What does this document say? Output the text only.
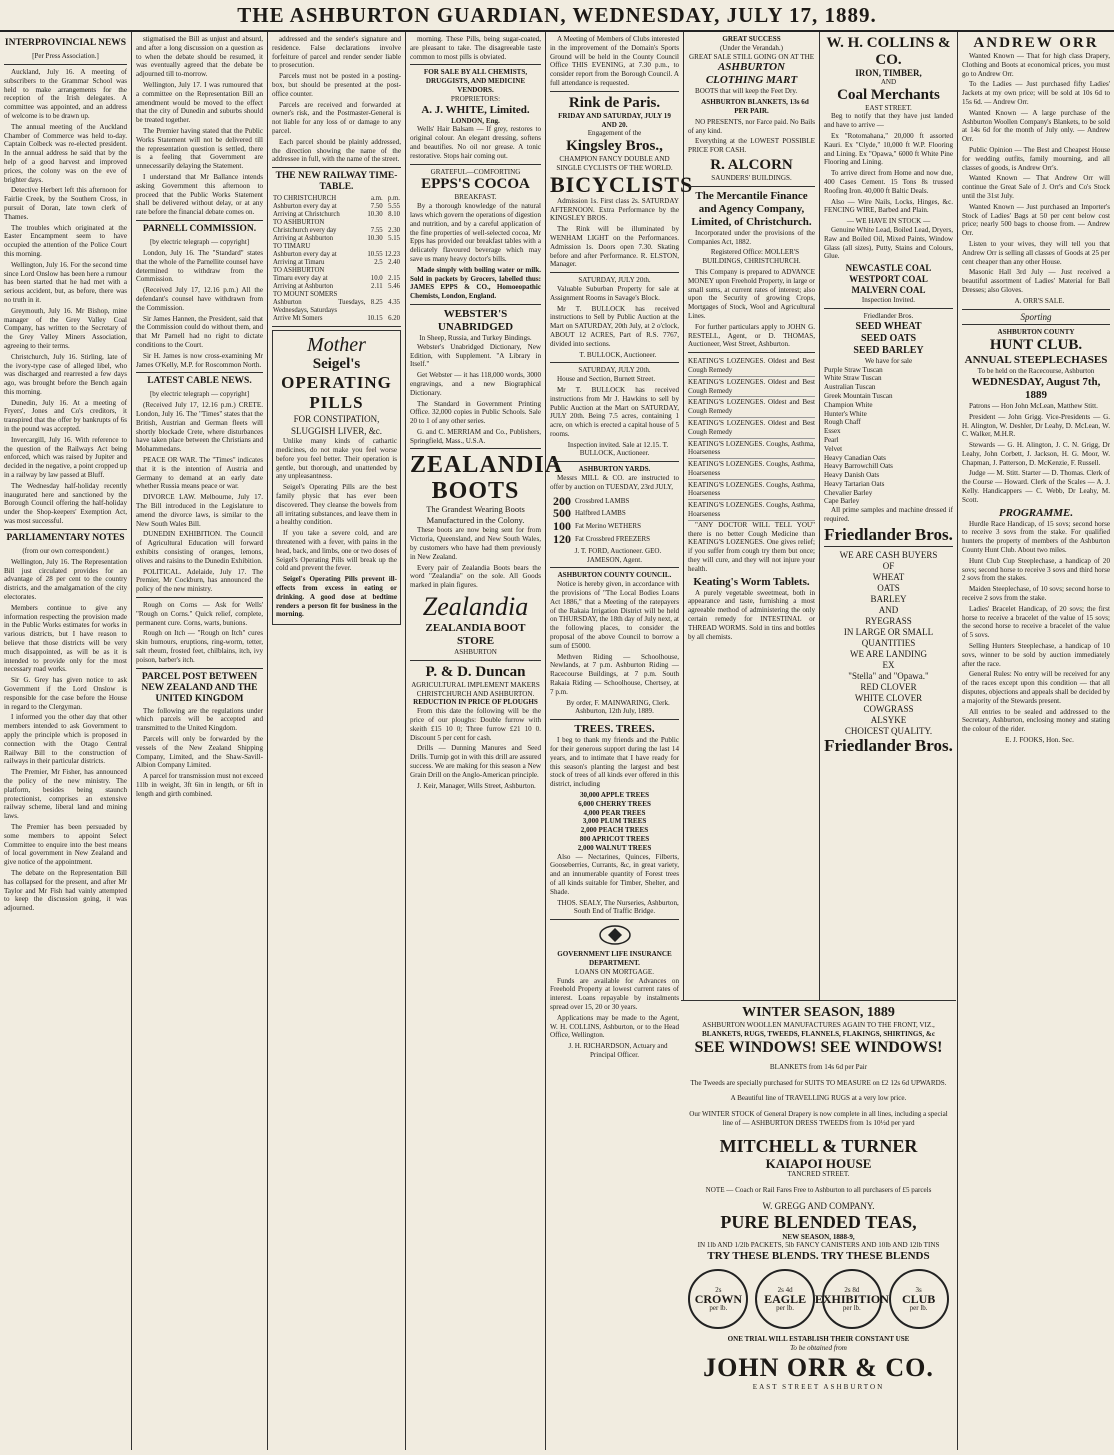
THE ASHBURTON GUARDIAN, WEDNESDAY, JULY 17, 1889.
INTERPROVINCIAL NEWS
[Per Press Association.]

Auckland, July 16. A meeting of subscribers to the Grammar School was held to make arrangements for the reception of the Irish delegates. A committee was appointed, and an address of welcome is to be drawn up.

The annual meeting of the Auckland Chamber of Commerce was held to-day. Captain Colbeck was re-elected president. In the annual address he said that by the help of a good harvest and improved prices, the colony was on the eve of brighter days.

Detective Herbert left this afternoon for Fairlie Creek, by the Southern Cross, in pursuit of Doran, late town clerk of Thames.

The troubles which originated at the Easter Encampment seem to have occupied the attention of the Police Court this morning.

Wellington, July 16. For the second time since Lord Onslow has been here a rumour has been started that he had met with a serious accident, but, as before, there was no truth in it.

Greymouth, July 16. Mr Bishop, mine manager of the Grey Valley Coal Company, has written to the Secretary of the Grey Valley Miners Association, agreeing to their terms.

Christchurch, July 16. Stirling, late of the ivory-type case of alleged libel, who was discharged and rearrested a few days ago, was brought before the Bench again this morning.

Dunedin, July 16. At a meeting of Fryers', Jones and Co's creditors, it transpired that the offer by bankrupts of 6s in the pound was accepted.

Invercargill, July 16. With reference to the question of the Railways Act being enforced, which was raised by Jupiter and decided in the negative, a point cropped up in a railway by law passed at Bluff.

The Wednesday half-holiday recently inaugurated here and sanctioned by the Borough Council offering the half-holiday under the Shop-keepers' Exemption Act, was most successful.

PARLIAMENTARY NOTES
(from our own correspondent.)

Wellington, July 16. The Representation Bill just circulated provides for an advantage of 28 per cent to the country districts, and the amalgamation of the city electorates.

Members continue to give any information respecting the provision made in the Public Works estimates for works in various districts, but I have reason to believe that those districts will be very much disappointed, as will be as it is intended to provide only for the most necessary road works.

Sir G. Grey has given notice to ask Government if the Lord Onslow is responsible for the case before the House in regard to the Clergyman.

I informed you the other day that other members intended to ask Government to apply the principle which is proposed in connection with the Otago Central Railway Bill to the construction of railways in their particular districts.

The Premier, Mr Fisher, has announced the policy of the new ministry. The platform, besides being staunch protectionist, comprises an extensive railway scheme, liberal land and mining laws.

The Premier has been persuaded by some members to appoint Select Committee to enquire into the best means of local government in New Zealand and give notice of the appointment.

The debate on the Representation Bill has collapsed for the present, and after Mr Taylor and Mr Fish had vainly attempted to keep the discussion going, it was adjourned.

stigmatised the Bill as unjust and absurd, and after a long discussion on a question as to when the debate should be resumed, it was eventually agreed that the debate be adjourned till to-morrow.

Wellington, July 17. I was rumoured that a committee on the Representation Bill an amendment would be moved to the effect that the city of Dunedin and suburbs should be treated together.

The Premier having stated that the Public Works Statement will not be delivered till the representation question is settled, there is a feeling that Government are unnecessarily delaying the Statement.

I understand that Mr Ballance intends asking Government this afternoon to proceed that the Public Works Statement shall be delivered without delay, or at any rate before the financial debate comes on.

PARNELL COMMISSION.
[by electric telegraph — copyright]

London, July 16. The "Standard" states that the whole of the Parnellite counsel have determined to withdraw from the Commission.

(Received July 17, 12.16 p.m.) All the defendant's counsel have withdrawn from the Commission.

Sir James Hannen, the President, said that the Commission could do without them, and that Mr Parnell had no right to dictate conditions to the Court.

Sir H. James is now cross-examining Mr James O'Kelly, M.P. for Roscommon North.

LATEST CABLE NEWS.
[by electric telegraph — copyright]

(Received July 17, 12.16 p.m.) CRETE. London, July 16. The "Times" states that the British, Austrian and German fleets will shortly blockade Crete, where disturbances have taken place between the Christians and Mohammedans.

PEACE OR WAR. The "Times" indicates that it is the intention of Austria and Germany to demand at an early date whether Russia means peace or war.

DIVORCE LAW. Melbourne, July 17. The Bill introduced in the Legislature to amend the divorce laws, is similar to the New South Wales Bill.

DUNEDIN EXHIBITION. The Council of Agricultural Education will forward exhibits consisting of oranges, lemons, olives and raisins to the Dunedin Exhibition.

POLITICAL. Adelaide, July 17. The Premier, Mr Cockburn, has announced the policy of the new ministry.

Rough on Corns — Ask for Wells' "Rough on Corns." Quick relief, complete, permanent cure. Corns, warts, bunions.

Rough on Itch — "Rough on Itch" cures skin humours, eruptions, ring-worm, tetter, salt rheum, frosted feet, chilblains, itch, ivy poison, barber's itch.

PARCEL POST BETWEEN NEW ZEALAND AND THE UNITED KINGDOM

The following are the regulations under which parcels will be accepted and transmitted to the United Kingdom.

Parcels will only be forwarded by the vessels of the New Zealand Shipping Company, Limited, and the Shaw-Savill-Albion Company Limited.

A parcel for transmission must not exceed 11lb in weight, 3ft 6in in length, or 6ft in length and girth combined.

addressed and the sender's signature and residence. False declarations involve forfeiture of parcel and render sender liable to prosecution.

Parcels must not be posted in a posting-box, but should be presented at the post-office counter.

Parcels are received and forwarded at owner's risk, and the Postmaster-General is not liable for any loss of or damage to any parcel.

Each parcel should be plainly addressed, the direction showing the name of the addressee in full, with the name of the street.

THE NEW RAILWAY TIME-TABLE.
TO CHRISTCHURCH	a.m.	p.m.
Ashburton every day at	7.50	5.55
Arriving at Christchurch	10.30	8.10
TO ASHBURTON		
Christchurch every day	7.55	2.30
Arriving at Ashburton	10.30	5.15
TO TIMARU		
Ashburton every day at	10.55	12.23
Arriving at Timaru	2.5	2.40
TO ASHBURTON		
Timaru every day at	10.0	2.15
Arriving at Ashburton	2.11	5.46
TO MOUNT SOMERS		
Ashburton Tuesdays, Wednesdays, Saturdays	8.25	4.35
Arrive Mt Somers	10.15	6.20
Mother
Seigel's
OPERATING PILLS
FOR CONSTIPATION, SLUGGISH LIVER, &c.

Unlike many kinds of cathartic medicines, do not make you feel worse before you feel better. Their operation is gentle, but thorough, and unattended by any unpleasantness.

Seigel's Operating Pills are the best family physic that has ever been discovered. They cleanse the bowels from all irritating substances, and leave them in a healthy condition.

If you take a severe cold, and are threatened with a fever, with pains in the head, back, and limbs, one or two doses of Seigel's Operating Pills will break up the cold and prevent the fever.

Seigel's Operating Pills prevent ill-effects from excess in eating or drinking. A good dose at bedtime renders a person fit for business in the morning.

morning. These Pills, being sugar-coated, are pleasant to take. The disagreeable taste common to most pills is obviated.

FOR SALE BY ALL CHEMISTS, DRUGGISTS, AND MEDICINE VENDORS.
PROPRIETORS:
A. J. WHITE, Limited.
LONDON, Eng.

Wells' Hair Balsam — If grey, restores to original colour. An elegant dressing, softens and beautifies. No oil nor grease. A tonic restorative. Stops hair coming out.

GRATEFUL—COMFORTING
EPPS'S COCOA
BREAKFAST.

By a thorough knowledge of the natural laws which govern the operations of digestion and nutrition, and by a careful application of the fine properties of well-selected cocoa, Mr Epps has provided our breakfast tables with a delicately flavoured beverage which may save us many heavy doctor's bills.

Made simply with boiling water or milk. Sold in packets by Grocers, labelled thus: JAMES EPPS & CO., Homoeopathic Chemists, London, England.

WEBSTER'S UNABRIDGED
In Sheep, Russia, and Turkey Bindings.

Webster's Unabridged Dictionary, New Edition, with Supplement. "A Library in Itself."

Get Webster — it has 118,000 words, 3000 engravings, and a new Biographical Dictionary.

The Standard in Government Printing Office. 32,000 copies in Public Schools. Sale 20 to 1 of any other series.

G. and C. MERRIAM and Co., Publishers, Springfield, Mass., U.S.A.

ZEALANDIA BOOTS
The Grandest Wearing Boots Manufactured in the Colony.

These boots are now being sent for from Victoria, Queensland, and New South Wales, by customers who have had them previously in New Zealand.

Every pair of Zealandia Boots bears the word "Zealandia" on the sole. All Goods marked in plain figures.

Zealandia
ZEALANDIA BOOT STORE
ASHBURTON
P. & D. Duncan
AGRICULTURAL IMPLEMENT MAKERS CHRISTCHURCH AND ASHBURTON.
REDUCTION IN PRICE OF PLOUGHS

From this date the following will be the price of our ploughs: Double furrow with skeith £15 10 0; Three furrow £21 10 0. Discount 5 per cent for cash.

Drills — Dunning Manures and Seed Drills. Turnip got in with this drill are assured success. We are making for this season a New Grain Drill on the Anglo-American principle.

J. Keir, Manager, Wills Street, Ashburton.

A Meeting of Members of Clubs interested in the improvement of the Domain's Sports Ground will be held in the County Council Office THIS EVENING, at 7.30 p.m., to consider report from the Borough Council. A full attendance is requested.

Rink de Paris.
FRIDAY AND SATURDAY, JULY 19 AND 20.
Engagement of the
Kingsley Bros.,
CHAMPION FANCY DOUBLE AND SINGLE CYCLISTS OF THE WORLD.
BICYCLISTS

Admission 1s. First class 2s. SATURDAY AFTERNOON. Extra Performance by the KINGSLEY BROS.

The Rink will be illuminated by WENHAM LIGHT on the Performances. Admission 1s. Doors open 7.30. Skating before and after Performance. R. ELSTON, Manager.

SATURDAY, JULY 20th.

Valuable Suburban Property for sale at Assignment Rooms in Savage's Block.

Mr T. BULLOCK has received instructions to Sell by Public Auction at the Mart on SATURDAY, 20th July, at 2 o'clock, ABOUT 12 ACRES, Part of R.S. 7767, divided into sections.

T. BULLOCK, Auctioneer.

SATURDAY, JULY 20th.

House and Section, Burnett Street.

Mr T. BULLOCK has received instructions from Mr J. Hawkins to sell by Public Auction at the Mart on SATURDAY, JULY 20th. Being 7.5 acres, containing 1 acre, on which is erected a capital house of 5 rooms.

Inspection invited. Sale at 12.15. T. BULLOCK, Auctioneer.

ASHBURTON YARDS.

Messrs MILL & CO. are instructed to offer by auction on TUESDAY, 23rd JULY,

200	Crossbred LAMBS
500	Halfbred LAMBS
100	Fat Merino WETHERS
120	Fat Crossbred FREEZERS

J. T. FORD, Auctioneer. GEO. JAMESON, Agent.

ASHBURTON COUNTY COUNCIL.

Notice is hereby given, in accordance with the provisions of "The Local Bodies Loans Act 1886," that a Meeting of the ratepayers of the Rakaia Irrigation District will be held on THURSDAY, the 18th day of July next, at the following places, to consider the proposal of the above Council to borrow a sum of £5000.

Methven Riding — Schoolhouse, Newlands, at 7 p.m. Ashburton Riding — Racecourse Buildings, at 7 p.m. South Rakaia Riding — Schoolhouse, Chertsey, at 7 p.m.

By order, F. MAINWARING, Clerk. Ashburton, 12th July, 1889.

TREES. TREES.

I beg to thank my friends and the Public for their generous support during the last 14 years, and to intimate that I have ready for this season's planting the largest and best stock of trees of all kinds ever offered in this district, including

30,000 APPLE TREES
6,000 CHERRY TREES
4,000 PEAR TREES
3,000 PLUM TREES
2,000 PEACH TREES
800 APRICOT TREES
2,000 WALNUT TREES

Also — Nectarines, Quinces, Filberts, Gooseberries, Currants, &c, in great variety, and an innumerable quantity of Forest trees of all kinds suitable for Timber, Shelter, and Shade.

THOS. SEALY, The Nurseries, Ashburton, South End of Traffic Bridge.

GOVERNMENT LIFE INSURANCE DEPARTMENT.
LOANS ON MORTGAGE.

Funds are available for Advances on Freehold Property at lowest current rates of interest. Loans repayable by instalments spread over 15, 20 or 30 years.

Applications may be made to the Agent, W. H. COLLINS, Ashburton, or to the Head Office, Wellington.

J. H. RICHARDSON, Actuary and Principal Officer.

GREAT SUCCESS
(Under the Verandah.)
GREAT SALE STILL GOING ON AT THE
ASHBURTON CLOTHING MART

BOOTS that will keep the Feet Dry.

ASHBURTON BLANKETS, 13s 6d PER PAIR.

NO PRESENTS, nor Farce paid. No Bails of any kind.

Everything at the LOWEST POSSIBLE PRICE FOR CASH.

R. ALCORN
SAUNDERS' BUILDINGS.
The Mercantile Finance and Agency Company, Limited, of Christchurch.

Incorporated under the provisions of the Companies Act, 1882.

Registered Office: MOLLER'S BUILDINGS, CHRISTCHURCH.

This Company is prepared to ADVANCE MONEY upon Freehold Property, in large or small sums, at current rates of interest; also upon the Security of growing Crops, Mortgages of Stock, Wool and Agricultural Lines.

For further particulars apply to JOHN G. RESTELL, Agent, or D. THOMAS, Auctioneer, West Street, Ashburton.

KEATING'S LOZENGES. Oldest and Best Cough Remedy
KEATING'S LOZENGES. Oldest and Best Cough Remedy
KEATING'S LOZENGES. Oldest and Best Cough Remedy
KEATING'S LOZENGES. Oldest and Best Cough Remedy
KEATING'S LOZENGES. Coughs, Asthma, Hoarseness
KEATING'S LOZENGES. Coughs, Asthma, Hoarseness
KEATING'S LOZENGES. Coughs, Asthma, Hoarseness
KEATING'S LOZENGES. Coughs, Asthma, Hoarseness

"ANY DOCTOR WILL TELL YOU" there is no better Cough Medicine than KEATING'S LOZENGES. One gives relief; if you suffer from cough try them but once; they will cure, and they will not injure your health.

Keating's Worm Tablets.

A purely vegetable sweetmeat, both in appearance and taste, furnishing a most agreeable method of administering the only certain remedy for INTESTINAL or THREAD WORMS. Sold in tins and bottles by all chemists.

W. H. COLLINS & CO.
IRON, TIMBER,
AND
Coal Merchants
EAST STREET.

Beg to notify that they have just landed and have to arrive —

Ex "Rotomahana," 20,000 ft assorted Kauri. Ex "Clyde," 10,000 ft W.P. Flooring and Lining. Ex "Opawa," 6000 ft White Pine Flooring and Lining.

To arrive direct from Home and now due, 400 Cases Cement. 15 Tons 8s trussed Roofing Iron. 40,000 ft Baltic Deals.

Also — Wire Nails, Locks, Hinges, &c. FENCING WIRE, Barbed and Plain.

— WE HAVE IN STOCK —

Genuine White Lead, Boiled Lead, Dryers, Raw and Boiled Oil, Mixed Paints, Window Glass (all sizes), Putty, Stains and Colours, Glue.

NEWCASTLE COAL
WESTPORT COAL
MALVERN COAL
Inspection Invited.
Friedlander Bros.
SEED WHEAT
SEED OATS
SEED BARLEY
We have for sale
Purple Straw Tuscan
White Straw Tuscan
Australian Tuscan
Greek Mountain Tuscan
Champion White
Hunter's White
Rough Chaff
Essex
Pearl
Velvet
Heavy Canadian Oats
Heavy Barrowchill Oats
Heavy Danish Oats
Heavy Tartarian Oats
Chevalier Barley
Cape Barley

All prime samples and machine dressed if required.

Friedlander Bros.
WE ARE CASH BUYERS
OF
WHEAT
OATS
BARLEY
AND
RYEGRASS
IN LARGE OR SMALL QUANTITIES
WE ARE LANDING
EX
"Stella" and "Opawa."
RED CLOVER
WHITE CLOVER
COWGRASS
ALSYKE
CHOICEST QUALITY.
Friedlander Bros.
ANDREW ORR

Wanted Known — That for high class Drapery, Clothing and Boots at economical prices, you must go to Andrew Orr.

To the Ladies — Just purchased fifty Ladies' Jackets at my own price; will be sold at 10s 6d to 15s 6d. — Andrew Orr.

Wanted Known — A large purchase of the Ashburton Woollen Company's Blankets, to be sold at 14s 6d for the month of July only. — Andrew Orr.

Public Opinion — The Best and Cheapest House for wedding outfits, family mourning, and all classes of goods, is Andrew Orr's.

Wanted Known — That Andrew Orr will continue the Great Sale of J. Orr's and Co's Stock until the 31st July.

Wanted Known — Just purchased an Importer's Stock of Ladies' Bags at 50 per cent below cost price; nearly 500 bags to choose from. — Andrew Orr.

Listen to your wives, they will tell you that Andrew Orr is selling all classes of Goods at 25 per cent cheaper than any other House.

Masonic Hall 3rd July — Just received a beautiful assortment of Ladies' Material for Ball Dresses; also Gloves.

A. ORR'S SALE.

Sporting
ASHBURTON COUNTY
HUNT CLUB.
ANNUAL STEEPLECHASES
To be held on the Racecourse, Ashburton
WEDNESDAY, August 7th, 1889

Patrons — Hon John McLean, Matthew Stitt.

President — John Grigg. Vice-Presidents — G. H. Alington, W. Deshler, Dr Leahy, D. McLean, W. C. Walker, M.H.R.

Stewards — G. H. Alington, J. C. N. Grigg, Dr Leahy, John Corbett, J. Jackson, H. G. Moor, W. Chapman, J. Patterson, D. McKenzie, F. Russell.

Judge — M. Stitt. Starter — D. Thomas. Clerk of the Course — Howard. Clerk of the Scales — A. J. Kelly. Handicappers — C. Webb, Dr Leahy, M. Scott.

PROGRAMME.

Hurdle Race Handicap, of 15 sovs; second horse to receive 3 sovs from the stake. For qualified hunters the property of members of the Ashburton County Hunt Club. About two miles.

Hunt Club Cup Steeplechase, a handicap of 20 sovs; second horse to receive 3 sovs and third horse 2 sovs from the stakes.

Maiden Steeplechase, of 10 sovs; second horse to receive 2 sovs from the stake.

Ladies' Bracelet Handicap, of 20 sovs; the first horse to receive a bracelet of the value of 15 sovs; the second horse to receive a bracelet of the value of 5 sovs.

Selling Hunters Steeplechase, a handicap of 10 sovs, winner to be sold by auction immediately after the race.

General Rules: No entry will be received for any of the races except upon this condition — that all disputes, objections and appeals shall be decided by a majority of the Stewards present.

All entries to be sealed and addressed to the Secretary, Ashburton, enclosing money and stating the colour of the rider.

E. J. FOOKS, Hon. Sec.

WINTER SEASON, 1889
ASHBURTON WOOLLEN MANUFACTURES AGAIN TO THE FRONT, VIZ.,
BLANKETS, RUGS, TWEEDS, FLANNELS, FLAKINGS, SHIRTINGS, &c
SEE WINDOWS! SEE WINDOWS!

BLANKETS from 14s 6d per Pair

The Tweeds are specially purchased for SUITS TO MEASURE on £2 12s 6d UPWARDS.

A Beautiful line of TRAVELLING RUGS at a very low price.

Our WINTER STOCK of General Drapery is now complete in all lines, including a special line of — ASHBURTON DRESS TWEEDS from 1s 10½d per yard

MITCHELL & TURNER
KAIAPOI HOUSE
TANCRED STREET.

NOTE — Coach or Rail Fares Free to Ashburton to all purchasers of £5 parcels

W. GREGG AND COMPANY.
PURE BLENDED TEAS,
NEW SEASON, 1888-9,
IN 1lb AND 1/2lb PACKETS, 5lb FANCY CANISTERS AND 10lb AND 12lb TINS
TRY THESE BLENDS. TRY THESE BLENDS
2s
CROWN
per lb.
2s 4d
EAGLE
per lb.
2s 8d
EXHIBITION
per lb.
3s
CLUB
per lb.
ONE TRIAL WILL ESTABLISH THEIR CONSTANT USE
To be obtained from
JOHN ORR & CO.
EAST STREET ASHBURTON
